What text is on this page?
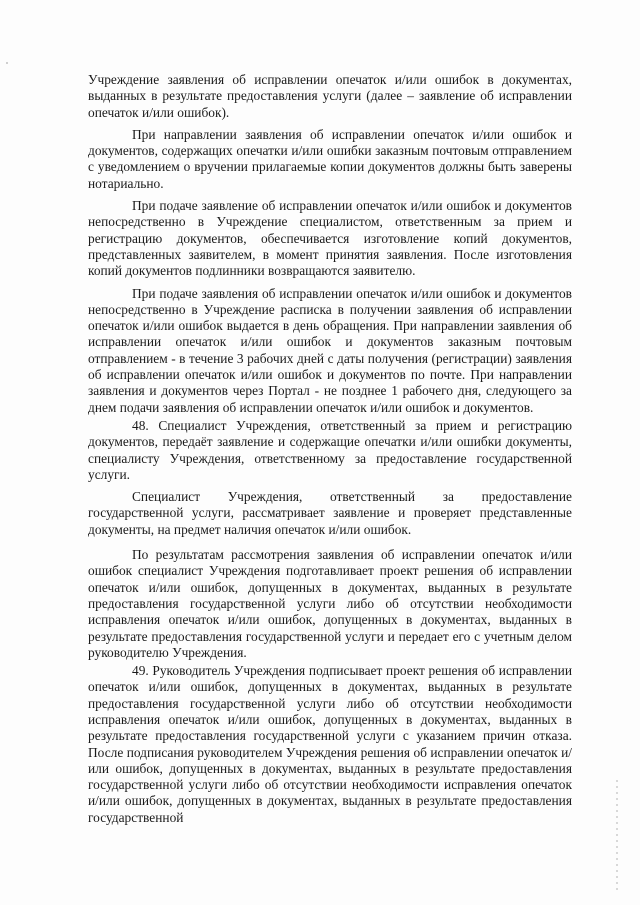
Учреждение заявления об исправлении опечаток и/или ошибок в документах, выданных в результате предоставления услуги (далее – заявление об исправлении опечаток и/или ошибок).

При направлении заявления об исправлении опечаток и/или ошибок и документов, содержащих опечатки и/или ошибки заказным почтовым отправлением с уведомлением о вручении прилагаемые копии документов должны быть заверены нотариально.

При подаче заявление об исправлении опечаток и/или ошибок и документов непосредственно в Учреждение специалистом, ответственным за прием и регистрацию документов, обеспечивается изготовление копий документов, представленных заявителем, в момент принятия заявления. После изготовления копий документов подлинники возвращаются заявителю.

При подаче заявления об исправлении опечаток и/или ошибок и документов непосредственно в Учреждение расписка в получении заявления об исправлении опечаток и/или ошибок выдается в день обращения. При направлении заявления об исправлении опечаток и/или ошибок и документов заказным почтовым отправлением - в течение 3 рабочих дней с даты получения (регистрации) заявления об исправлении опечаток и/или ошибок и документов по почте. При направлении заявления и документов через Портал - не позднее 1 рабочего дня, следующего за днем подачи заявления об исправлении опечаток и/или ошибок и документов.

48. Специалист Учреждения, ответственный за прием и регистрацию документов, передаёт заявление и содержащие опечатки и/или ошибки документы, специалисту Учреждения, ответственному за предоставление государственной услуги.

Специалист Учреждения, ответственный за предоставление государственной услуги, рассматривает заявление и проверяет представленные документы, на предмет наличия опечаток и/или ошибок.

По результатам рассмотрения заявления об исправлении опечаток и/или ошибок специалист Учреждения подготавливает проект решения об исправлении опечаток и/или ошибок, допущенных в документах, выданных в результате предоставления государственной услуги либо об отсутствии необходимости исправления опечаток и/или ошибок, допущенных в документах, выданных в результате предоставления государственной услуги и передает его с учетным делом руководителю Учреждения.

49. Руководитель Учреждения подписывает проект решения об исправлении опечаток и/или ошибок, допущенных в документах, выданных в результате предоставления государственной услуги либо об отсутствии необходимости исправления опечаток и/или ошибок, допущенных в документах, выданных в результате предоставления государственной услуги с указанием причин отказа. После подписания руководителем Учреждения решения об исправлении опечаток и/или ошибок, допущенных в документах, выданных в результате предоставления государственной услуги либо об отсутствии необходимости исправления опечаток и/или ошибок, допущенных в документах, выданных в результате предоставления государственной
